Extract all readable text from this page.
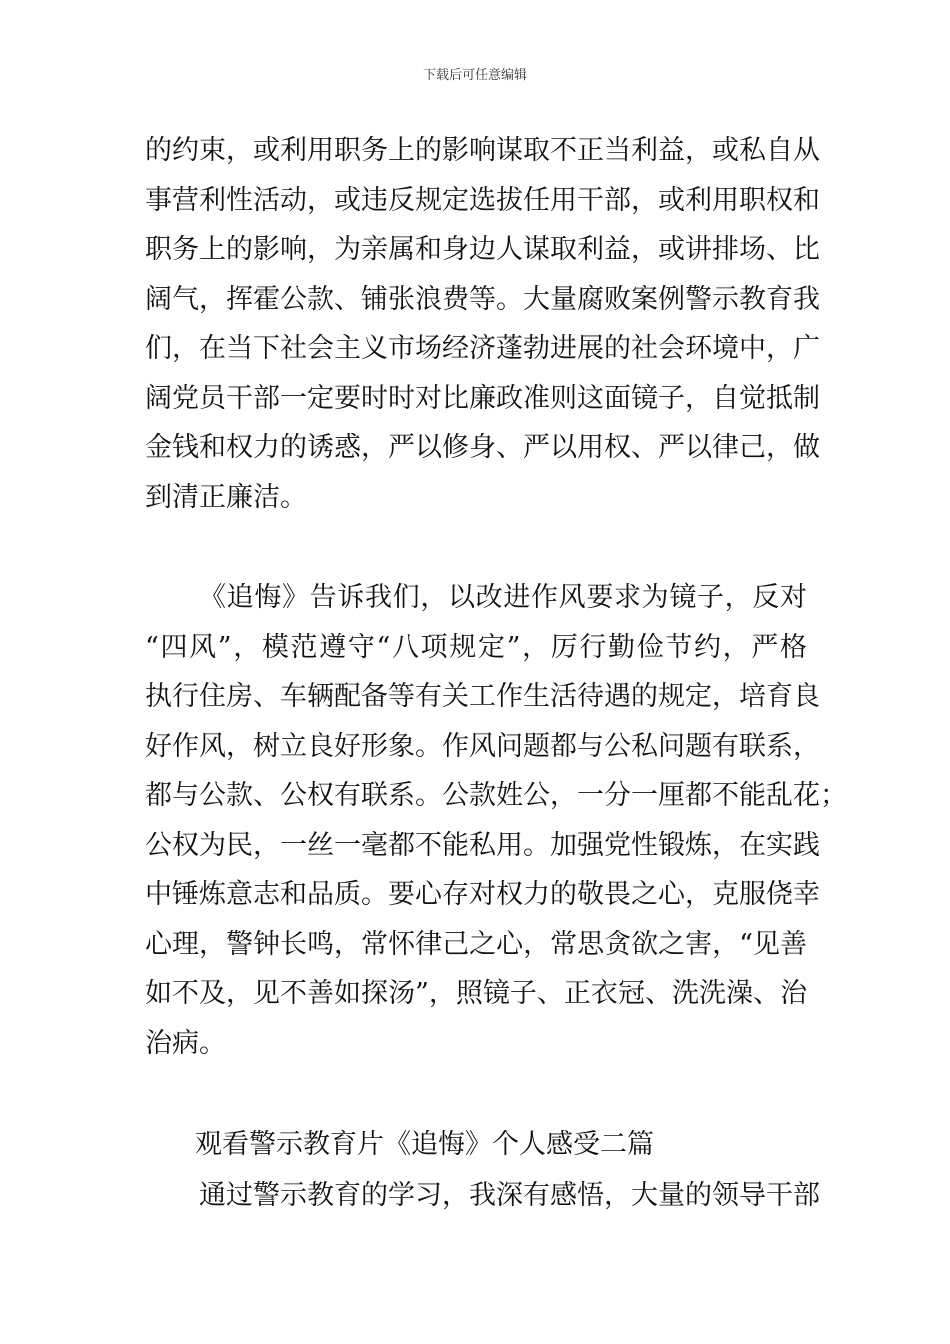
下载后可任意编辑
的约束，或利用职务上的影响谋取不正当利益，或私自从
事营利性活动，或违反规定选拔任用干部，或利用职权和
职务上的影响，为亲属和身边人谋取利益，或讲排场、比
阔气，挥霍公款、铺张浪费等。大量腐败案例警示教育我
们，在当下社会主义市场经济蓬勃进展的社会环境中，广
阔党员干部一定要时时对比廉政准则这面镜子，自觉抵制
金钱和权力的诱惑，严以修身、严以用权、严以律己，做
到清正廉洁。
《追悔》告诉我们，以改进作风要求为镜子，反对
“四风”，模范遵守“八项规定”，厉行勤俭节约，严格
执行住房、车辆配备等有关工作生活待遇的规定，培育良
好作风，树立良好形象。作风问题都与公私问题有联系，
都与公款、公权有联系。公款姓公，一分一厘都不能乱花；
公权为民，一丝一毫都不能私用。加强党性锻炼，在实践
中锤炼意志和品质。要心存对权力的敬畏之心，克服侥幸
心理，警钟长鸣，常怀律己之心，常思贪欲之害，“见善
如不及，见不善如探汤”，照镜子、正衣冠、洗洗澡、治
治病。
观看警示教育片《追悔》个人感受二篇
通过警示教育的学习，我深有感悟，大量的领导干部
